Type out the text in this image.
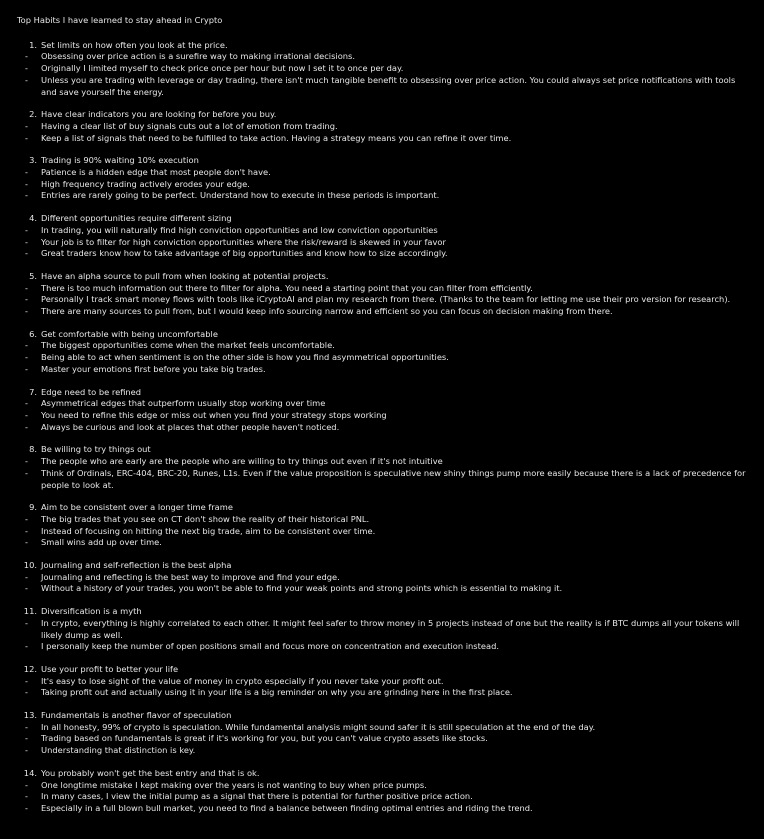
Top Habits I have learned to stay ahead in Crypto
1. Set limits on how often you look at the price.
-	Obsessing over price action is a surefire way to making irrational decisions.
-	Originally I limited myself to check price once per hour but now I set it to once per day.
-	Unless you are trading with leverage or day trading, there isn't much tangible benefit to obsessing over price action. You could always set price notifications with tools and save yourself the energy.
2. Have clear indicators you are looking for before you buy.
-	Having a clear list of buy signals cuts out a lot of emotion from trading.
-	Keep a list of signals that need to be fulfilled to take action. Having a strategy means you can refine it over time.
3. Trading is 90% waiting 10% execution
-	Patience is a hidden edge that most people don't have.
-	High frequency trading actively erodes your edge.
-	Entries are rarely going to be perfect. Understand how to execute in these periods is important.
4. Different opportunities require different sizing
-	In trading, you will naturally find high conviction opportunities and low conviction opportunities
-	Your job is to filter for high conviction opportunities where the risk/reward is skewed in your favor
-	Great traders know how to take advantage of big opportunities and know how to size accordingly.
5. Have an alpha source to pull from when looking at potential projects.
-	There is too much information out there to filter for alpha. You need a starting point that you can filter from efficiently.
-	Personally I track smart money flows with tools like iCryptoAI and plan my research from there. (Thanks to the team for letting me use their pro version for research).
-	There are many sources to pull from, but I would keep info sourcing narrow and efficient so you can focus on decision making from there.
6. Get comfortable with being uncomfortable
-	The biggest opportunities come when the market feels uncomfortable.
-	Being able to act when sentiment is on the other side is how you find asymmetrical opportunities.
-	Master your emotions first before you take big trades.
7. Edge need to be refined
-	Asymmetrical edges that outperform usually stop working over time
-	You need to refine this edge or miss out when you find your strategy stops working
-	Always be curious and look at places that other people haven't noticed.
8. Be willing to try things out
-	The people who are early are the people who are willing to try things out even if it's not intuitive
-	Think of Ordinals, ERC-404, BRC-20, Runes, L1s. Even if the value proposition is speculative new shiny things pump more easily because there is a lack of precedence for people to look at.
9. Aim to be consistent over a longer time frame
-	The big trades that you see on CT don't show the reality of their historical PNL.
-	Instead of focusing on hitting the next big trade, aim to be consistent over time.
-	Small wins add up over time.
10. Journaling and self-reflection is the best alpha
-	Journaling and reflecting is the best way to improve and find your edge.
-	Without a history of your trades, you won't be able to find your weak points and strong points which is essential to making it.
11. Diversification is a myth
-	In crypto, everything is highly correlated to each other. It might feel safer to throw money in 5 projects instead of one but the reality is if BTC dumps all your tokens will likely dump as well.
-	I personally keep the number of open positions small and focus more on concentration and execution instead.
12. Use your profit to better your life
-	It's easy to lose sight of the value of money in crypto especially if you never take your profit out.
-	Taking profit out and actually using it in your life is a big reminder on why you are grinding here in the first place.
13. Fundamentals is another flavor of speculation
-	In all honesty, 99% of crypto is speculation. While fundamental analysis might sound safer it is still speculation at the end of the day.
-	Trading based on fundamentals is great if it's working for you, but you can't value crypto assets like stocks.
-	Understanding that distinction is key.
14. You probably won't get the best entry and that is ok.
-	One longtime mistake I kept making over the years is not wanting to buy when price pumps.
-	In many cases, I view the initial pump as a signal that there is potential for further positive price action.
-	Especially in a full blown bull market, you need to find a balance between finding optimal entries and riding the trend.
